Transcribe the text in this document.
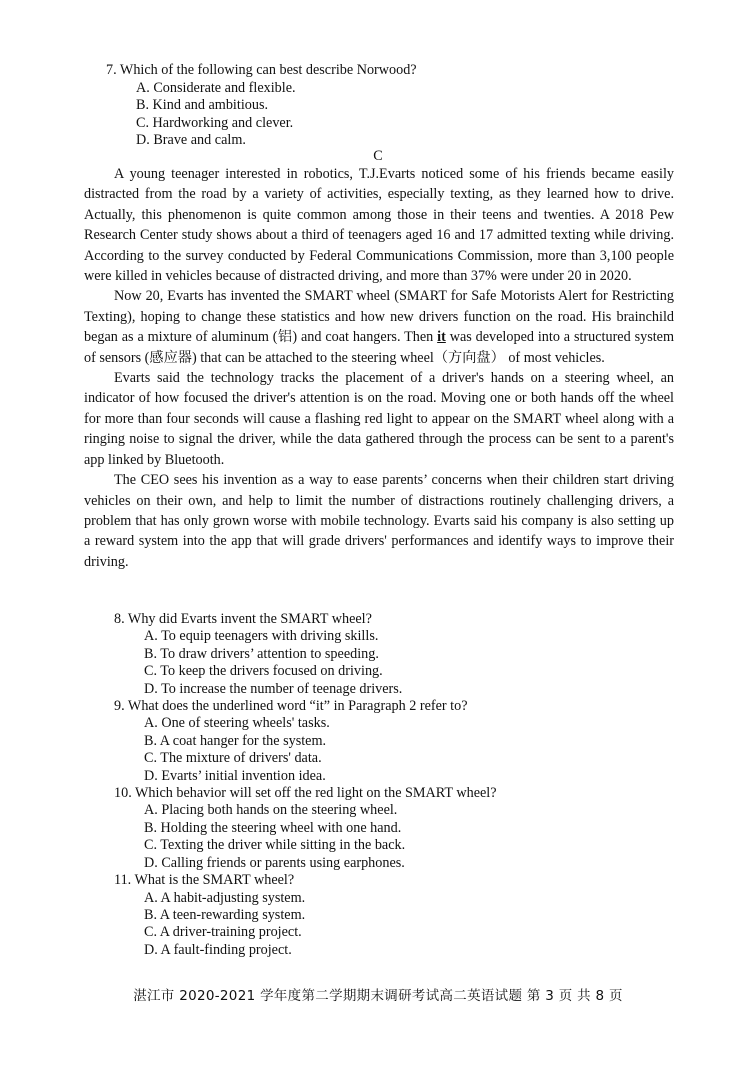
7. Which of the following can best describe Norwood?
A. Considerate and flexible.
B. Kind and ambitious.
C. Hardworking and clever.
D. Brave and calm.
C

A young teenager interested in robotics, T.J.Evarts noticed some of his friends became easily distracted from the road by a variety of activities, especially texting, as they learned how to drive. Actually, this phenomenon is quite common among those in their teens and twenties. A 2018 Pew Research Center study shows about a third of teenagers aged 16 and 17 admitted texting while driving. According to the survey conducted by Federal Communications Commission, more than 3,100 people were killed in vehicles because of distracted driving, and more than 37% were under 20 in 2020.

Now 20, Evarts has invented the SMART wheel (SMART for Safe Motorists Alert for Restricting Texting), hoping to change these statistics and how new drivers function on the road. His brainchild began as a mixture of aluminum (铝) and coat hangers. Then it was developed into a structured system of sensors (感应器) that can be attached to the steering wheel（方向盘） of most vehicles.

Evarts said the technology tracks the placement of a driver's hands on a steering wheel, an indicator of how focused the driver's attention is on the road. Moving one or both hands off the wheel for more than four seconds will cause a flashing red light to appear on the SMART wheel along with a ringing noise to signal the driver, while the data gathered through the process can be sent to a parent's app linked by Bluetooth.

The CEO sees his invention as a way to ease parents’ concerns when their children start driving vehicles on their own, and help to limit the number of distractions routinely challenging drivers, a problem that has only grown worse with mobile technology. Evarts said his company is also setting up a reward system into the app that will grade drivers' performances and identify ways to improve their driving.

8. Why did Evarts invent the SMART wheel?
A. To equip teenagers with driving skills.
B. To draw drivers’ attention to speeding.
C. To keep the drivers focused on driving.
D. To increase the number of teenage drivers.
9. What does the underlined word “it” in Paragraph 2 refer to?
A. One of steering wheels' tasks.
B. A coat hanger for the system.
C. The mixture of drivers' data.
D. Evarts’ initial invention idea.
10. Which behavior will set off the red light on the SMART wheel?
A. Placing both hands on the steering wheel.
B. Holding the steering wheel with one hand.
C. Texting the driver while sitting in the back.
D. Calling friends or parents using earphones.
11. What is the SMART wheel?
A. A habit-adjusting system.
B. A teen-rewarding system.
C. A driver-training project.
D. A fault-finding project.
湛江市 2020-2021 学年度第二学期期末调研考试高二英语试题 第 3 页 共 8 页
